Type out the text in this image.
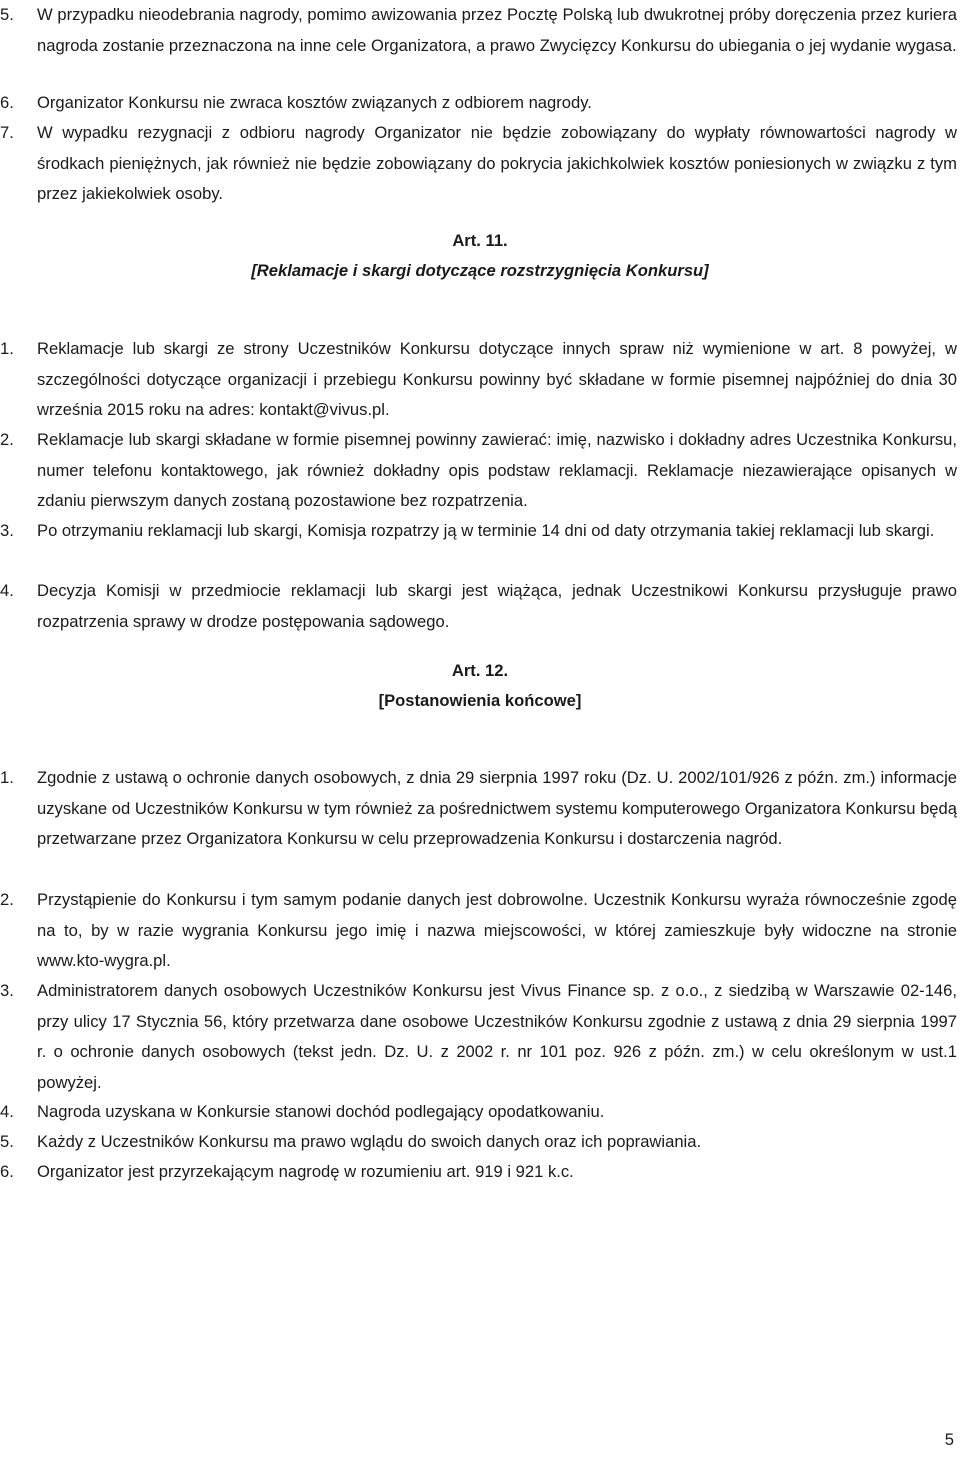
5.	W przypadku nieodebrania nagrody, pomimo awizowania przez Pocztę Polską lub dwukrotnej próby doręczenia przez kuriera nagroda zostanie przeznaczona na inne cele Organizatora, a prawo Zwycięzcy Konkursu do ubiegania o jej wydanie wygasa.
6.	Organizator Konkursu nie zwraca kosztów związanych z odbiorem nagrody.
7.	W wypadku rezygnacji z odbioru nagrody Organizator nie będzie zobowiązany do wypłaty równowartości nagrody w środkach pieniężnych, jak również nie będzie zobowiązany do pokrycia jakichkolwiek kosztów poniesionych w związku z tym przez jakiekolwiek osoby.
Art. 11.
[Reklamacje i skargi dotyczące rozstrzygnięcia Konkursu]
1.	Reklamacje lub skargi ze strony Uczestników Konkursu dotyczące innych spraw niż wymienione w art. 8 powyżej, w szczególności dotyczące organizacji i przebiegu Konkursu powinny być składane w formie pisemnej najpóźniej do dnia 30 września 2015 roku na adres: kontakt@vivus.pl.
2.	Reklamacje lub skargi składane w formie pisemnej powinny zawierać: imię, nazwisko i dokładny adres Uczestnika Konkursu, numer telefonu kontaktowego, jak również dokładny opis podstaw reklamacji. Reklamacje niezawierające opisanych w zdaniu pierwszym danych zostaną pozostawione bez rozpatrzenia.
3.	Po otrzymaniu reklamacji lub skargi, Komisja rozpatrzy ją w terminie 14 dni od daty otrzymania takiej reklamacji lub skargi.
4.	Decyzja Komisji w przedmiocie reklamacji lub skargi jest wiążąca, jednak Uczestnikowi Konkursu przysługuje prawo rozpatrzenia sprawy w drodze postępowania sądowego.
Art. 12.
[Postanowienia końcowe]
1.	Zgodnie z ustawą o ochronie danych osobowych, z dnia 29 sierpnia 1997 roku (Dz. U. 2002/101/926 z późn. zm.) informacje uzyskane od Uczestników Konkursu w tym również za pośrednictwem systemu komputerowego Organizatora Konkursu będą przetwarzane przez Organizatora Konkursu w celu przeprowadzenia Konkursu i dostarczenia nagród.
2.	Przystąpienie do Konkursu i tym samym podanie danych jest dobrowolne. Uczestnik Konkursu wyraża równocześnie zgodę na to, by w razie wygrania Konkursu jego imię i nazwa miejscowości, w której zamieszkuje były widoczne na stronie www.kto-wygra.pl.
3.	Administratorem danych osobowych Uczestników Konkursu jest Vivus Finance sp. z o.o., z siedzibą w Warszawie 02-146, przy ulicy 17 Stycznia 56, który przetwarza dane osobowe Uczestników Konkursu zgodnie z ustawą z dnia 29 sierpnia 1997 r. o ochronie danych osobowych (tekst jedn. Dz. U. z 2002 r. nr 101 poz. 926 z późn. zm.) w celu określonym w ust.1 powyżej.
4.	Nagroda uzyskana w Konkursie stanowi dochód podlegający opodatkowaniu.
5.	Każdy z Uczestników Konkursu ma prawo wglądu do swoich danych oraz ich poprawiania.
6.	Organizator jest przyrzekającym nagrodę w rozumieniu art. 919 i 921 k.c.
5
